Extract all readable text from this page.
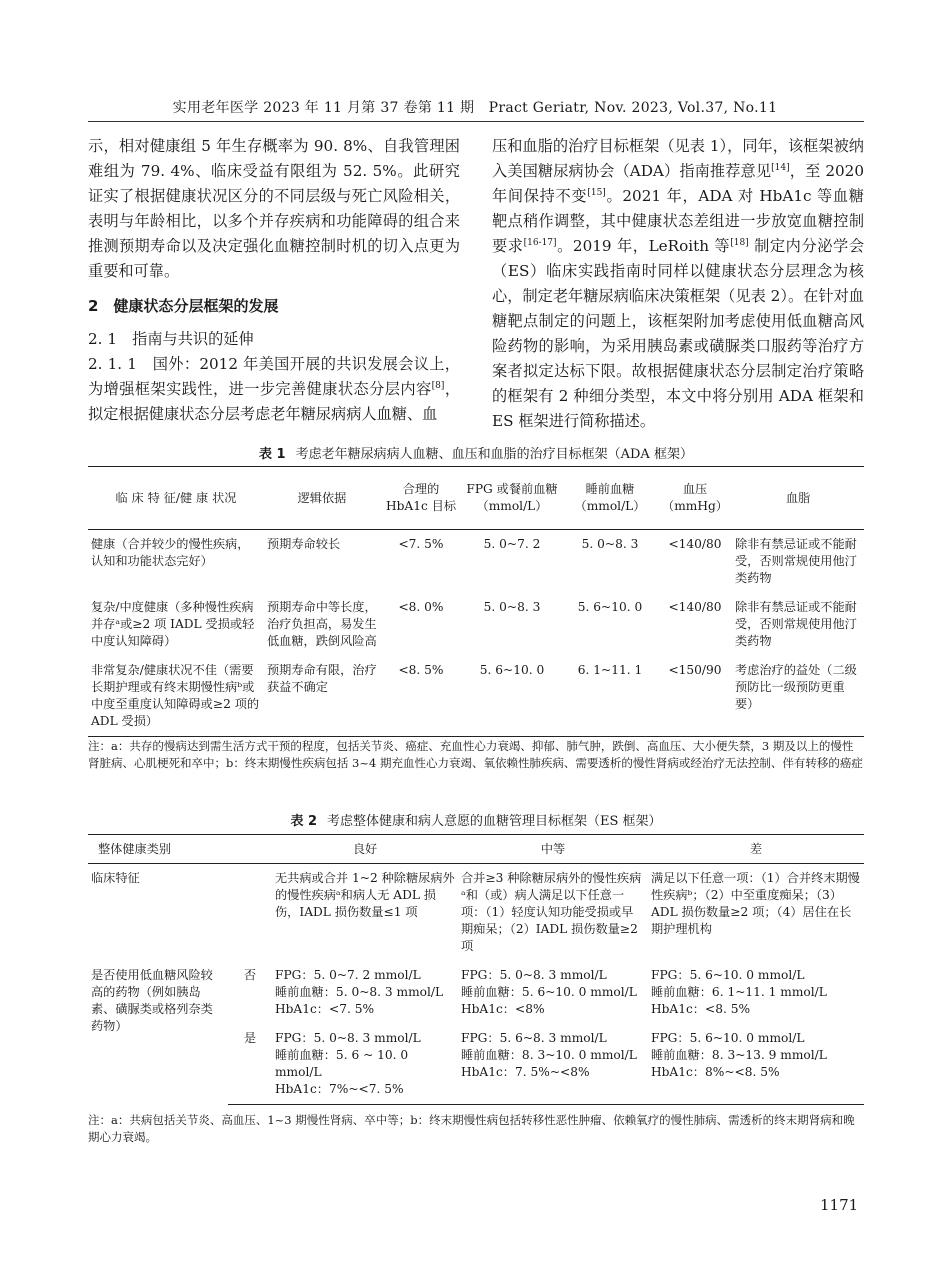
实用老年医学 2023 年 11 月第 37 卷第 11 期　Pract Geriatr, Nov. 2023, Vol.37, No.11

示，相对健康组 5 年生存概率为 90. 8%、自我管理困难组为 79. 4%、临床受益有限组为 52. 5%。此研究证实了根据健康状况区分的不同层级与死亡风险相关，表明与年龄相比，以多个并存疾病和功能障碍的组合来推测预期寿命以及决定强化血糖控制时机的切入点更为重要和可靠。

2　健康状态分层框架的发展

2. 1　指南与共识的延伸

2. 1. 1　国外：2012 年美国开展的共识发展会议上，为增强框架实践性，进一步完善健康状态分层内容[8]，拟定根据健康状态分层考虑老年糖尿病病人血糖、血

压和血脂的治疗目标框架（见表 1），同年，该框架被纳入美国糖尿病协会（ADA）指南推荐意见[14]，至 2020 年间保持不变[15]。2021 年，ADA 对 HbA1c 等血糖靶点稍作调整，其中健康状态差组进一步放宽血糖控制要求[16-17]。2019 年，LeRoith 等[18] 制定内分泌学会（ES）临床实践指南时同样以健康状态分层理念为核心，制定老年糖尿病临床决策框架（见表 2）。在针对血糖靶点制定的问题上，该框架附加考虑使用低血糖高风险药物的影响，为采用胰岛素或磺脲类口服药等治疗方案者拟定达标下限。故根据健康状态分层制定治疗策略的框架有 2 种细分类型，本文中将分别用 ADA 框架和 ES 框架进行简称描述。

表 1 考虑老年糖尿病病人血糖、血压和血脂的治疗目标框架（ADA 框架）
临 床 特 征/健 康 状况	逻辑依据	合理的 HbA1c 目标	FPG 或餐前血糖（mmol/L）	睡前血糖（mmol/L）	血压（mmHg）	血脂
健康（合并较少的慢性疾病，认知和功能状态完好）	预期寿命较长	<7. 5%	5. 0~7. 2	5. 0~8. 3	<140/80	除非有禁忌证或不能耐受，否则常规使用他汀类药物
复杂/中度健康（多种慢性疾病并存ᵃ或≥2 项 IADL 受损或轻中度认知障碍）	预期寿命中等长度，治疗负担高，易发生低血糖，跌倒风险高	<8. 0%	5. 0~8. 3	5. 6~10. 0	<140/80	除非有禁忌证或不能耐受，否则常规使用他汀类药物
非常复杂/健康状况不佳（需要长期护理或有终末期慢性病ᵇ或中度至重度认知障碍或≥2 项的 ADL 受损）	预期寿命有限，治疗获益不确定	<8. 5%	5. 6~10. 0	6. 1~11. 1	<150/90	考虑治疗的益处（二级预防比一级预防更重要）
注：a：共存的慢病达到需生活方式干预的程度，包括关节炎、癌症、充血性心力衰竭、抑郁、肺气肿，跌倒、高血压、大小便失禁，3 期及以上的慢性肾脏病、心肌梗死和卒中；b：终末期慢性疾病包括 3~4 期充血性心力衰竭、氧依赖性肺疾病、需要透析的慢性肾病或经治疗无法控制、伴有转移的癌症
表 2 考虑整体健康和病人意愿的血糖管理目标框架（ES 框架）
整体健康类别		良好	中等	差
临床特征		无共病或合并 1~2 种除糖尿病外的慢性疾病ᵃ和病人无 ADL 损伤，IADL 损伤数量≤1 项	合并≥3 种除糖尿病外的慢性疾病ᵃ和（或）病人满足以下任意一项：（1）轻度认知功能受损或早期痴呆；（2）IADL 损伤数量≥2 项	满足以下任意一项：（1）合并终末期慢性疾病ᵇ；（2）中至重度痴呆；（3）ADL 损伤数量≥2 项；（4）居住在长期护理机构
是否使用低血糖风险较高的药物（例如胰岛素、磺脲类或格列奈类药物）	否	FPG：5. 0~7. 2 mmol/L
睡前血糖：5. 0~8. 3 mmol/L
HbA1c：<7. 5%	FPG：5. 0~8. 3 mmol/L
睡前血糖：5. 6~10. 0 mmol/L
HbA1c：<8%	FPG：5. 6~10. 0 mmol/L
睡前血糖：6. 1~11. 1 mmol/L
HbA1c：<8. 5%

	是	FPG：5. 0~8. 3 mmol/L
睡前血糖：5. 6 ~ 10. 0 mmol/L
HbA1c：7%~<7. 5%	FPG：5. 6~8. 3 mmol/L
睡前血糖：8. 3~10. 0 mmol/L
HbA1c：7. 5%~<8%	FPG：5. 6~10. 0 mmol/L
睡前血糖：8. 3~13. 9 mmol/L
HbA1c：8%~<8. 5%
注：a：共病包括关节炎、高血压、1~3 期慢性肾病、卒中等；b：终末期慢性病包括转移性恶性肿瘤、依赖氧疗的慢性肺病、需透析的终末期肾病和晚期心力衰竭。
1171
